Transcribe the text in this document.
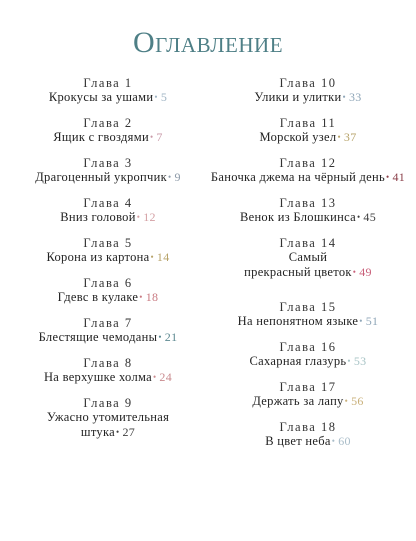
Оглавление
Глава 1
Крокусы за ушами• 5
Глава 2
Ящик с гвоздями• 7
Глава 3
Драгоценный укропчик• 9
Глава 4
Вниз головой• 12
Глава 5
Корона из картона• 14
Глава 6
Гдевс в кулаке• 18
Глава 7
Блестящие чемоданы• 21
Глава 8
На верхушке холма• 24
Глава 9
Ужасно утомительная
штука• 27
Глава 10
Улики и улитки• 33
Глава 11
Морской узел• 37
Глава 12
Баночка джема на чёрный день• 41
Глава 13
Венок из Блошкинса• 45
Глава 14
Самый
прекрасный цветок• 49
Глава 15
На непонятном языке• 51
Глава 16
Сахарная глазурь• 53
Глава 17
Держать за лапу• 56
Глава 18
В цвет неба• 60
